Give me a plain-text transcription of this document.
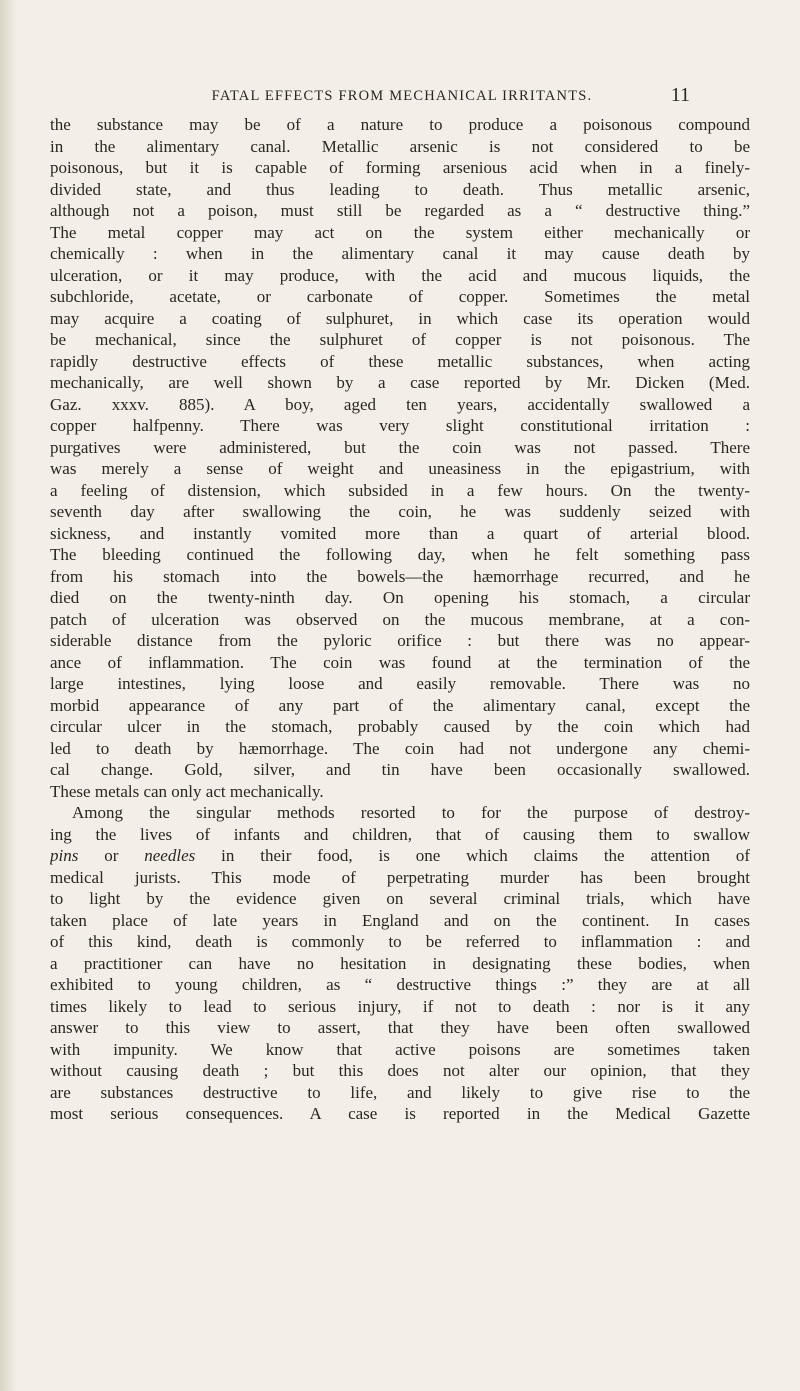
FATAL EFFECTS FROM MECHANICAL IRRITANTS.	11
the substance may be of a nature to produce a poisonous compound
in the alimentary canal. Metallic arsenic is not considered to be
poisonous, but it is capable of forming arsenious acid when in a finely-
divided state, and thus leading to death. Thus metallic arsenic,
although not a poison, must still be regarded as a “ destructive thing.”
The metal copper may act on the system either mechanically or
chemically : when in the alimentary canal it may cause death by
ulceration, or it may produce, with the acid and mucous liquids, the
subchloride, acetate, or carbonate of copper. Sometimes the metal
may acquire a coating of sulphuret, in which case its operation would
be mechanical, since the sulphuret of copper is not poisonous. The
rapidly destructive effects of these metallic substances, when acting
mechanically, are well shown by a case reported by Mr. Dicken (Med.
Gaz. xxxv. 885). A boy, aged ten years, accidentally swallowed a
copper halfpenny. There was very slight constitutional irritation :
purgatives were administered, but the coin was not passed. There
was merely a sense of weight and uneasiness in the epigastrium, with
a feeling of distension, which subsided in a few hours. On the twenty-
seventh day after swallowing the coin, he was suddenly seized with
sickness, and instantly vomited more than a quart of arterial blood.
The bleeding continued the following day, when he felt something pass
from his stomach into the bowels—the hæmorrhage recurred, and he
died on the twenty-ninth day. On opening his stomach, a circular
patch of ulceration was observed on the mucous membrane, at a con-
siderable distance from the pyloric orifice : but there was no appear-
ance of inflammation. The coin was found at the termination of the
large intestines, lying loose and easily removable. There was no
morbid appearance of any part of the alimentary canal, except the
circular ulcer in the stomach, probably caused by the coin which had
led to death by hæmorrhage. The coin had not undergone any chemi-
cal change. Gold, silver, and tin have been occasionally swallowed.
These metals can only act mechanically.
Among the singular methods resorted to for the purpose of destroy-
ing the lives of infants and children, that of causing them to swallow
pins or needles in their food, is one which claims the attention of
medical jurists. This mode of perpetrating murder has been brought
to light by the evidence given on several criminal trials, which have
taken place of late years in England and on the continent. In cases
of this kind, death is commonly to be referred to inflammation : and
a practitioner can have no hesitation in designating these bodies, when
exhibited to young children, as “ destructive things :” they are at all
times likely to lead to serious injury, if not to death : nor is it any
answer to this view to assert, that they have been often swallowed
with impunity. We know that active poisons are sometimes taken
without causing death ; but this does not alter our opinion, that they
are substances destructive to life, and likely to give rise to the
most serious consequences. A case is reported in the Medical Gazette
